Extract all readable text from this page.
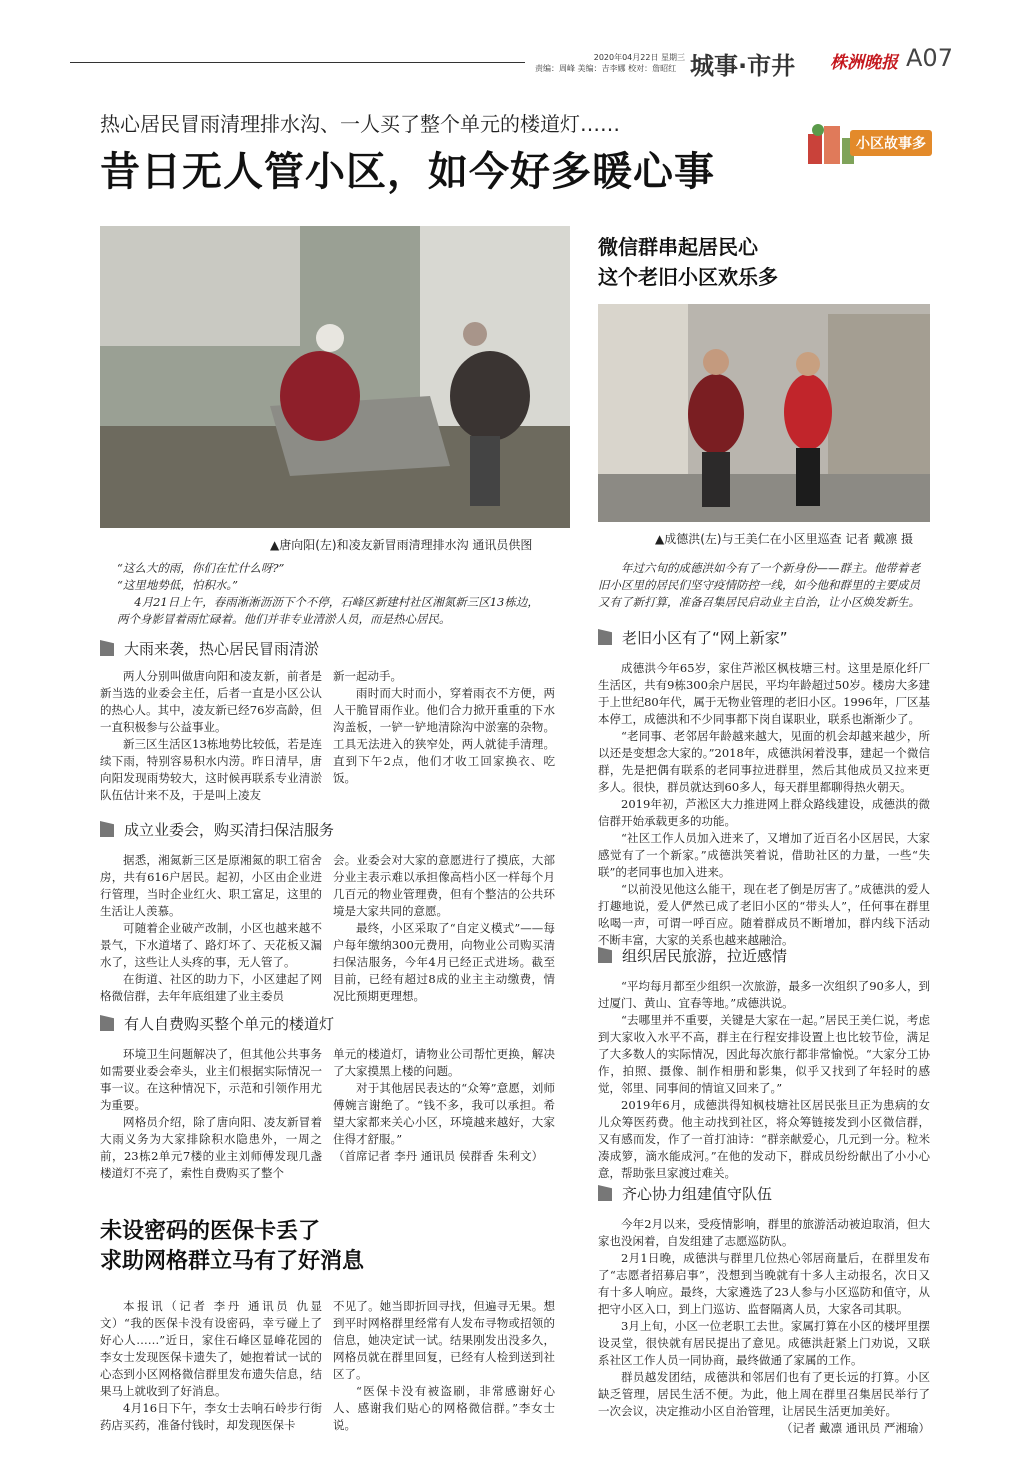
2020年04月22日 星期三
责编：周峰 美编：吉李娜 校对：詹昭红 城事·市井 株洲晚报 A07
热心居民冒雨清理排水沟、一人买了整个单元的楼道灯……
昔日无人管小区，如今好多暖心事
小区故事多
▲唐向阳(左)和凌友新冒雨清理排水沟 通讯员供图	▲成德洪(左)与王美仁在小区里巡查 记者 戴凛 摄
微信群串起居民心
这个老旧小区欢乐多
“这么大的雨，你们在忙什么呀?”
“这里地势低，怕积水。”
4月21日上午，春雨淅淅沥沥下个不停，石峰区新建村社区湘氮新三区13栋边，两个身影冒着雨忙碌着。他们并非专业清淤人员，而是热心居民。
大雨来袭，热心居民冒雨清淤

两人分别叫做唐向阳和凌友新，前者是新当选的业委会主任，后者一直是小区公认的热心人。其中，凌友新已经76岁高龄，但一直积极参与公益事业。

新三区生活区13栋地势比较低，若是连续下雨，特别容易积水内涝。昨日清早，唐向阳发现雨势较大，这时候再联系专业清淤队伍估计来不及，于是叫上凌友

新一起动手。

雨时而大时而小，穿着雨衣不方便，两人干脆冒雨作业。他们合力掀开重重的下水沟盖板，一铲一铲地清除沟中淤塞的杂物。工具无法进入的狭窄处，两人就徒手清理。直到下午2点，他们才收工回家换衣、吃饭。

成立业委会，购买清扫保洁服务

据悉，湘氮新三区是原湘氮的职工宿舍房，共有616户居民。起初，小区由企业进行管理，当时企业红火、职工富足，这里的生活让人羡慕。

可随着企业破产改制，小区也越来越不景气，下水道堵了、路灯坏了、天花板又漏水了，这些让人头疼的事，无人管了。

在街道、社区的助力下，小区建起了网格微信群，去年年底组建了业主委员

会。业委会对大家的意愿进行了摸底，大部分业主表示难以承担像高档小区一样每个月几百元的物业管理费，但有个整洁的公共环境是大家共同的意愿。

最终，小区采取了“自定义模式”——每户每年缴纳300元费用，向物业公司购买清扫保洁服务，今年4月已经正式进场。截至目前，已经有超过8成的业主主动缴费，情况比预期更理想。

有人自费购买整个单元的楼道灯

环境卫生问题解决了，但其他公共事务如需要业委会牵头，业主们根据实际情况一事一议。在这种情况下，示范和引领作用尤为重要。

网格员介绍，除了唐向阳、凌友新冒着大雨义务为大家排除积水隐患外，一周之前，23栋2单元7楼的业主刘师傅发现几盏楼道灯不亮了，索性自费购买了整个

单元的楼道灯，请物业公司帮忙更换，解决了大家摸黑上楼的问题。

对于其他居民表达的“众筹”意愿，刘师傅婉言谢绝了。“钱不多，我可以承担。希望大家都来关心小区，环境越来越好，大家住得才舒服。”

（首席记者 李丹 通讯员 侯群香 朱利文）

未设密码的医保卡丢了
求助网格群立马有了好消息

本报讯（记者 李丹 通讯员 仇显文）“我的医保卡没有设密码，幸亏碰上了好心人……”近日，家住石峰区显峰花园的李女士发现医保卡遗失了，她抱着试一试的心态到小区网格微信群里发布遗失信息，结果马上就收到了好消息。

4月16日下午，李女士去响石岭步行街药店买药，准备付钱时，却发现医保卡

不见了。她当即折回寻找，但遍寻无果。想到平时网格群里经常有人发布寻物或招领的信息，她决定试一试。结果刚发出没多久，网格员就在群里回复，已经有人检到送到社区了。

“医保卡没有被盗刷，非常感谢好心人、感谢我们贴心的网格微信群。”李女士说。

年过六旬的成德洪如今有了一个新身份——群主。他带着老旧小区里的居民们坚守疫情防控一线，如今他和群里的主要成员又有了新打算，准备召集居民启动业主自治，让小区焕发新生。
老旧小区有了“网上新家”

成德洪今年65岁，家住芦淞区枫枝塘三村。这里是原化纤厂生活区，共有9栋300余户居民，平均年龄超过50岁。楼房大多建于上世纪80年代，属于无物业管理的老旧小区。1996年，厂区基本停工，成德洪和不少同事都下岗自谋职业，联系也渐渐少了。

“老同事、老邻居年龄越来越大，见面的机会却越来越少，所以还是变想念大家的。”2018年，成德洪闲着没事，建起一个微信群，先是把偶有联系的老同事拉进群里，然后其他成员又拉来更多人。很快，群员就达到60多人，每天群里都聊得热火朝天。

2019年初，芦淞区大力推进网上群众路线建设，成德洪的微信群开始承载更多的功能。

“社区工作人员加入进来了，又增加了近百名小区居民，大家感觉有了一个新家。”成德洪笑着说，借助社区的力量，一些“失联”的老同事也加入进来。

“以前没见他这么能干，现在老了倒是厉害了。”成德洪的爱人打趣地说，爱人俨然已成了老旧小区的“带头人”，任何事在群里吆喝一声，可谓一呼百应。随着群成员不断增加，群内线下活动不断丰富，大家的关系也越来越融洽。

组织居民旅游，拉近感情

“平均每月都至少组织一次旅游，最多一次组织了90多人，到过厦门、黄山、宜春等地。”成德洪说。

“去哪里并不重要，关键是大家在一起。”居民王美仁说，考虑到大家收入水平不高，群主在行程安排设置上也比较节俭，满足了大多数人的实际情况，因此每次旅行都非常愉悦。“大家分工协作，拍照、摄像、制作相册和影集，似乎又找到了年轻时的感觉，邻里、同事间的情谊又回来了。”

2019年6月，成德洪得知枫枝塘社区居民张旦正为患病的女儿众筹医药费。他主动找到社区，将众筹链接发到小区微信群，又有感而发，作了一首打油诗：“群亲献爱心，几元到一分。粒米凑成箩，滴水能成河。”在他的发动下，群成员纷纷献出了小小心意，帮助张旦家渡过难关。

齐心协力组建值守队伍

今年2月以来，受疫情影响，群里的旅游活动被迫取消，但大家也没闲着，自发组建了志愿巡防队。

2月1日晚，成德洪与群里几位热心邻居商量后，在群里发布了“志愿者招募启事”，没想到当晚就有十多人主动报名，次日又有十多人响应。最终，大家遴选了23人参与小区巡防和值守，从把守小区入口，到上门巡访、监督隔离人员，大家各司其职。

3月上旬，小区一位老职工去世。家属打算在小区的楼坪里摆设灵堂，很快就有居民提出了意见。成德洪赶紧上门劝说，又联系社区工作人员一同协商，最终做通了家属的工作。

群员越发团结，成德洪和邻居们也有了更长远的打算。小区缺乏管理，居民生活不便。为此，他上周在群里召集居民举行了一次会议，决定推动小区自治管理，让居民生活更加美好。

（记者 戴凛 通讯员 严湘瑜）
